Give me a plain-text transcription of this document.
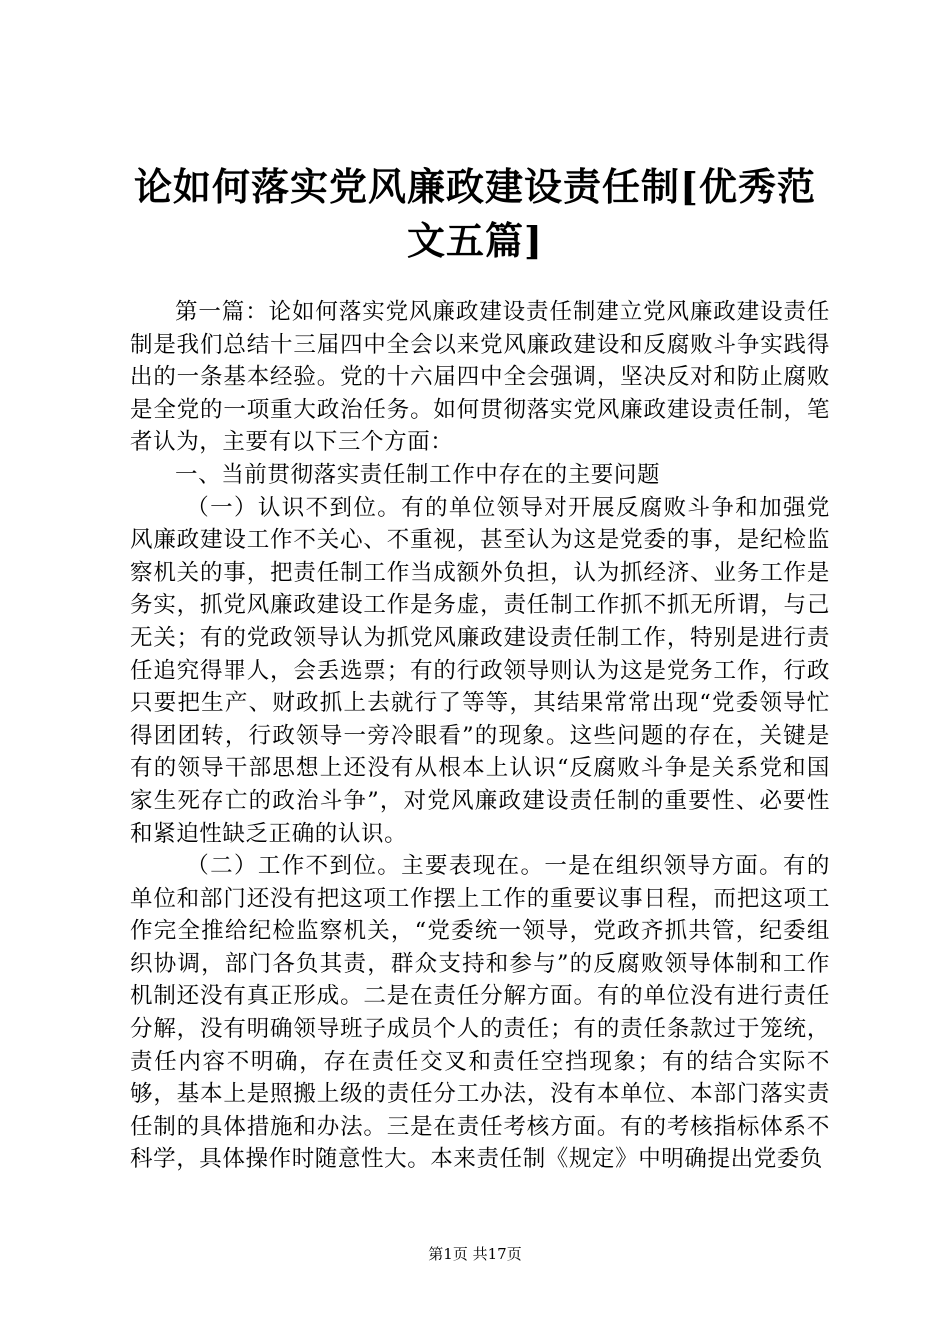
论如何落实党风廉政建设责任制[优秀范文五篇]

第一篇：论如何落实党风廉政建设责任制建立党风廉政建设责任制是我们总结十三届四中全会以来党风廉政建设和反腐败斗争实践得出的一条基本经验。党的十六届四中全会强调，坚决反对和防止腐败是全党的一项重大政治任务。如何贯彻落实党风廉政建设责任制，笔者认为，主要有以下三个方面：

一、当前贯彻落实责任制工作中存在的主要问题

（一）认识不到位。有的单位领导对开展反腐败斗争和加强党风廉政建设工作不关心、不重视，甚至认为这是党委的事，是纪检监察机关的事，把责任制工作当成额外负担，认为抓经济、业务工作是务实，抓党风廉政建设工作是务虚，责任制工作抓不抓无所谓，与己无关；有的党政领导认为抓党风廉政建设责任制工作，特别是进行责任追究得罪人，会丢选票；有的行政领导则认为这是党务工作，行政只要把生产、财政抓上去就行了等等，其结果常常出现“党委领导忙得团团转，行政领导一旁冷眼看”的现象。这些问题的存在，关键是有的领导干部思想上还没有从根本上认识“反腐败斗争是关系党和国家生死存亡的政治斗争”，对党风廉政建设责任制的重要性、必要性和紧迫性缺乏正确的认识。

（二）工作不到位。主要表现在。一是在组织领导方面。有的单位和部门还没有把这项工作摆上工作的重要议事日程，而把这项工作完全推给纪检监察机关，“党委统一领导，党政齐抓共管，纪委组织协调，部门各负其责，群众支持和参与”的反腐败领导体制和工作机制还没有真正形成。二是在责任分解方面。有的单位没有进行责任分解，没有明确领导班子成员个人的责任；有的责任条款过于笼统，责任内容不明确，存在责任交叉和责任空挡现象；有的结合实际不够，基本上是照搬上级的责任分工办法，没有本单位、本部门落实责任制的具体措施和办法。三是在责任考核方面。有的考核指标体系不科学，具体操作时随意性大。本来责任制《规定》中明确提出党委负

第1页 共17页
